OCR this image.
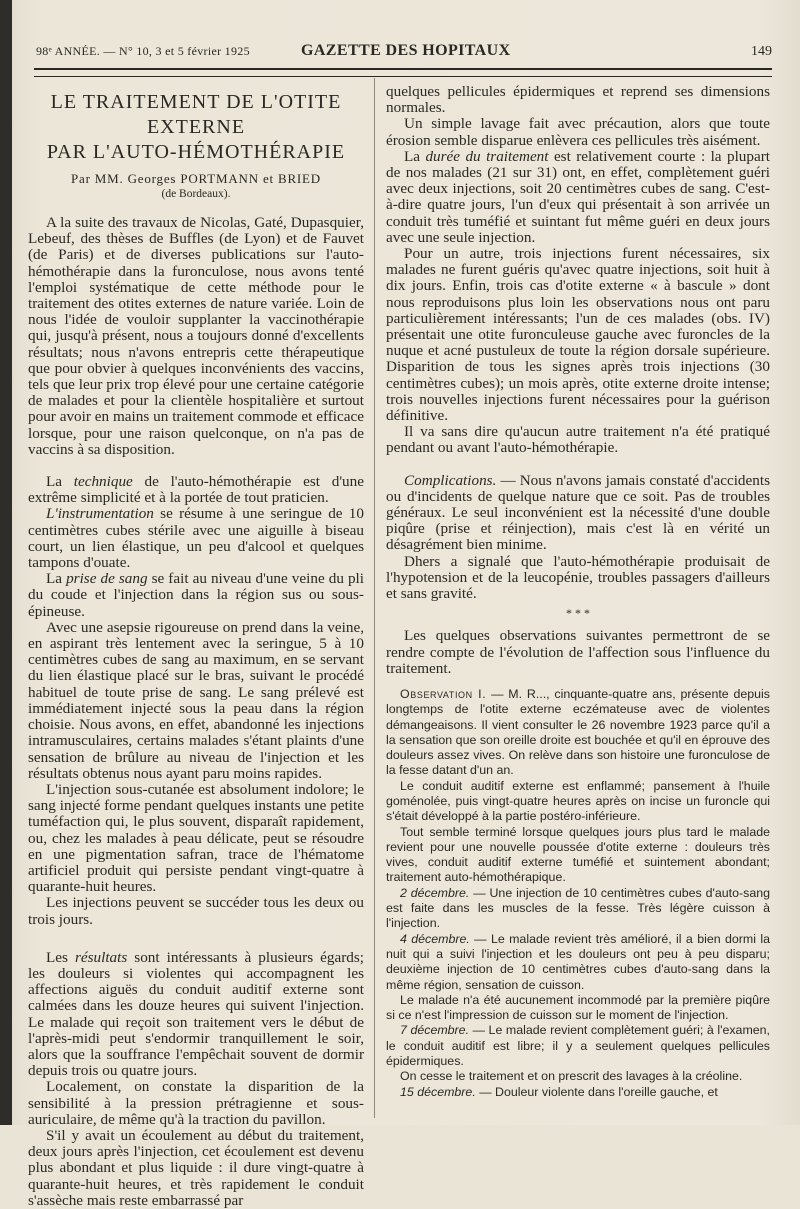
98ᵉ ANNÉE. — N° 10, 3 et 5 février 1925	GAZETTE DES HOPITAUX	149
LE TRAITEMENT DE L'OTITE EXTERNE
PAR L'AUTO-HÉMOTHÉRAPIE
Par MM. Georges PORTMANN et BRIED
(de Bordeaux).

A la suite des travaux de Nicolas, Gaté, Dupasquier, Lebeuf, des thèses de Buffles (de Lyon) et de Fauvet (de Paris) et de diverses publications sur l'auto-hémothérapie dans la furonculose, nous avons tenté l'emploi systématique de cette méthode pour le traitement des otites externes de nature variée. Loin de nous l'idée de vouloir supplanter la vaccinothérapie qui, jusqu'à présent, nous a toujours donné d'excellents résultats; nous n'avons entrepris cette thérapeutique que pour obvier à quelques inconvénients des vaccins, tels que leur prix trop élevé pour une certaine catégorie de malades et pour la clientèle hospitalière et surtout pour avoir en mains un traitement commode et efficace lorsque, pour une raison quelconque, on n'a pas de vaccins à sa disposition.

La technique de l'auto-hémothérapie est d'une extrême simplicité et à la portée de tout praticien.

L'instrumentation se résume à une seringue de 10 centimètres cubes stérile avec une aiguille à biseau court, un lien élastique, un peu d'alcool et quelques tampons d'ouate.

La prise de sang se fait au niveau d'une veine du pli du coude et l'injection dans la région sus ou sous-épineuse.

Avec une asepsie rigoureuse on prend dans la veine, en aspirant très lentement avec la seringue, 5 à 10 centimètres cubes de sang au maximum, en se servant du lien élastique placé sur le bras, suivant le procédé habituel de toute prise de sang. Le sang prélevé est immédiatement injecté sous la peau dans la région choisie. Nous avons, en effet, abandonné les injections intramusculaires, certains malades s'étant plaints d'une sensation de brûlure au niveau de l'injection et les résultats obtenus nous ayant paru moins rapides.

L'injection sous-cutanée est absolument indolore; le sang injecté forme pendant quelques instants une petite tuméfaction qui, le plus souvent, disparaît rapidement, ou, chez les malades à peau délicate, peut se résoudre en une pigmentation safran, trace de l'hématome artificiel produit qui persiste pendant vingt-quatre à quarante-huit heures.

Les injections peuvent se succéder tous les deux ou trois jours.

Les résultats sont intéressants à plusieurs égards; les douleurs si violentes qui accompagnent les affections aiguës du conduit auditif externe sont calmées dans les douze heures qui suivent l'injection. Le malade qui reçoit son traitement vers le début de l'après-midi peut s'endormir tranquillement le soir, alors que la souffrance l'empêchait souvent de dormir depuis trois ou quatre jours.

Localement, on constate la disparition de la sensibilité à la pression prétragienne et sous-auriculaire, de même qu'à la traction du pavillon.

S'il y avait un écoulement au début du traitement, deux jours après l'injection, cet écoulement est devenu plus abondant et plus liquide : il dure vingt-quatre à quarante-huit heures, et très rapidement le conduit s'assèche mais reste embarrassé par

quelques pellicules épidermiques et reprend ses dimensions normales.

Un simple lavage fait avec précaution, alors que toute érosion semble disparue enlèvera ces pellicules très aisément.

La durée du traitement est relativement courte : la plupart de nos malades (21 sur 31) ont, en effet, complètement guéri avec deux injections, soit 20 centimètres cubes de sang. C'est-à-dire quatre jours, l'un d'eux qui présentait à son arrivée un conduit très tuméfié et suintant fut même guéri en deux jours avec une seule injection.

Pour un autre, trois injections furent nécessaires, six malades ne furent guéris qu'avec quatre injections, soit huit à dix jours. Enfin, trois cas d'otite externe « à bascule » dont nous reproduisons plus loin les observations nous ont paru particulièrement intéressants; l'un de ces malades (obs. IV) présentait une otite furonculeuse gauche avec furoncles de la nuque et acné pustuleux de toute la région dorsale supérieure. Disparition de tous les signes après trois injections (30 centimètres cubes); un mois après, otite externe droite intense; trois nouvelles injections furent nécessaires pour la guérison définitive.

Il va sans dire qu'aucun autre traitement n'a été pratiqué pendant ou avant l'auto-hémothérapie.

Complications. — Nous n'avons jamais constaté d'accidents ou d'incidents de quelque nature que ce soit. Pas de troubles généraux. Le seul inconvénient est la nécessité d'une double piqûre (prise et réinjection), mais c'est là en vérité un désagrément bien minime.

Dhers a signalé que l'auto-hémothérapie produisait de l'hypotension et de la leucopénie, troubles passagers d'ailleurs et sans gravité.

* * *

Les quelques observations suivantes permettront de se rendre compte de l'évolution de l'affection sous l'influence du traitement.

Observation I. — M. R..., cinquante-quatre ans, présente depuis longtemps de l'otite externe eczémateuse avec de violentes démangeaisons. Il vient consulter le 26 novembre 1923 parce qu'il a la sensation que son oreille droite est bouchée et qu'il en éprouve des douleurs assez vives. On relève dans son histoire une furonculose de la fesse datant d'un an.

Le conduit auditif externe est enflammé; pansement à l'huile goménolée, puis vingt-quatre heures après on incise un furoncle qui s'était développé à la partie postéro-inférieure.

Tout semble terminé lorsque quelques jours plus tard le malade revient pour une nouvelle poussée d'otite externe : douleurs très vives, conduit auditif externe tuméfié et suintement abondant; traitement auto-hémothérapique.

2 décembre. — Une injection de 10 centimètres cubes d'auto-sang est faite dans les muscles de la fesse. Très légère cuisson à l'injection.

4 décembre. — Le malade revient très amélioré, il a bien dormi la nuit qui a suivi l'injection et les douleurs ont peu à peu disparu; deuxième injection de 10 centimètres cubes d'auto-sang dans la même région, sensation de cuisson.

Le malade n'a été aucunement incommodé par la première piqûre si ce n'est l'impression de cuisson sur le moment de l'injection.

7 décembre. — Le malade revient complètement guéri; à l'examen, le conduit auditif est libre; il y a seulement quelques pellicules épidermiques.

On cesse le traitement et on prescrit des lavages à la créoline.

15 décembre. — Douleur violente dans l'oreille gauche, et
